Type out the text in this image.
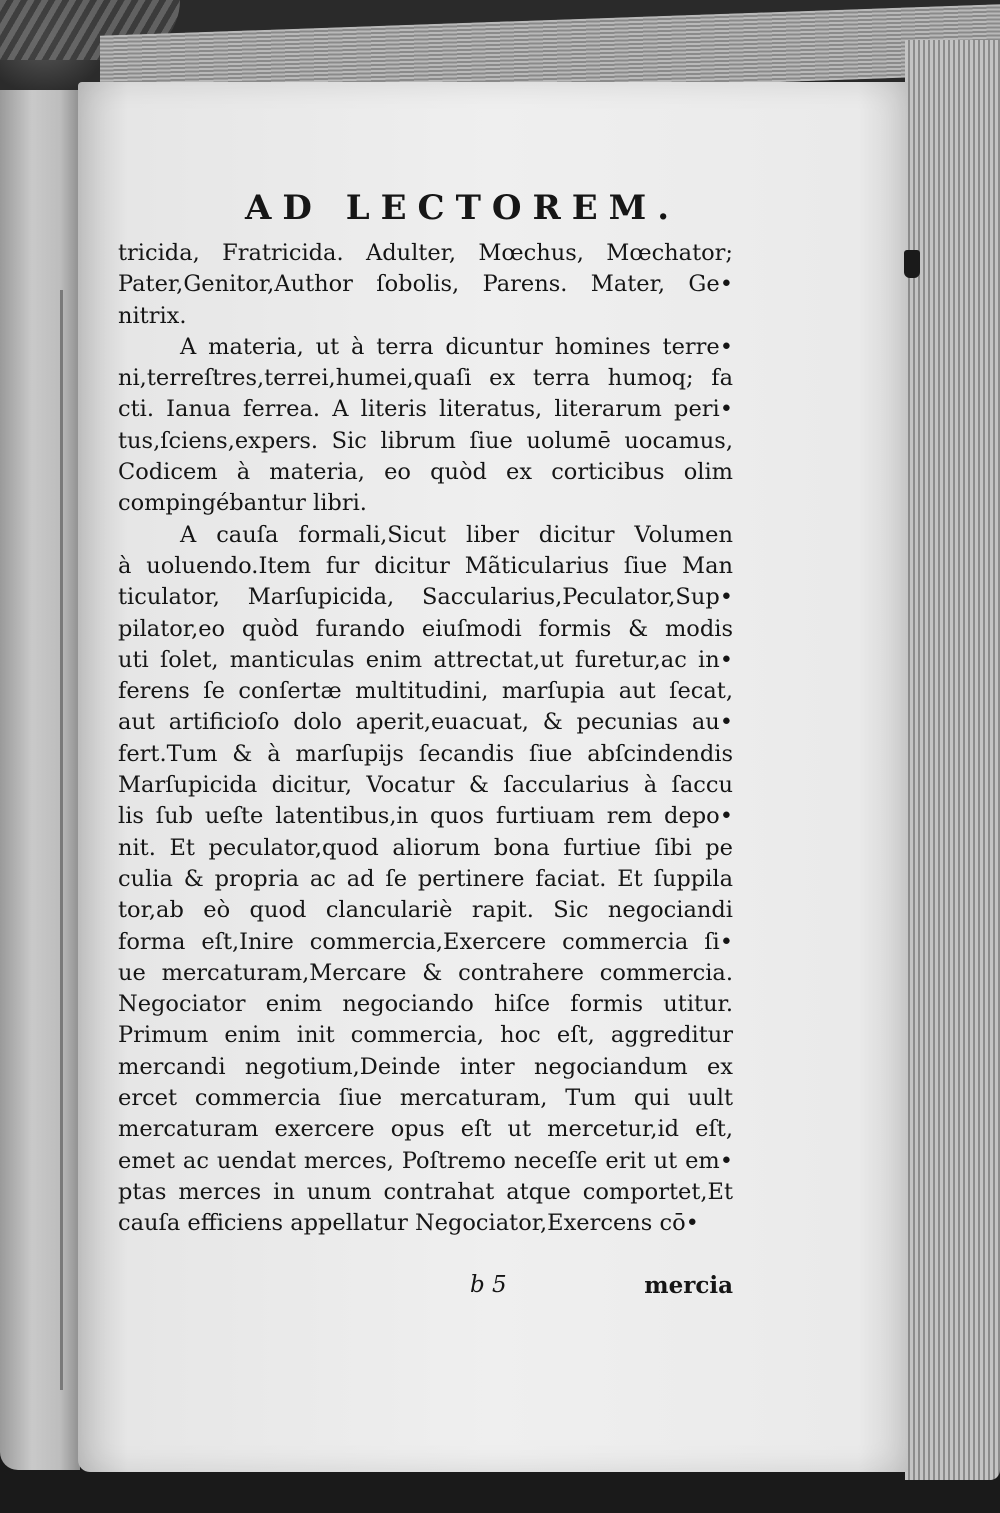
AD LECTOREM.
tricida, Fratricida. Adulter, Mœchus, Mœchator;
Pater,Genitor,Author ſobolis, Parens. Mater, Ge•
nitrix.
A materia, ut à terra dicuntur homines terre•
ni,terreſtres,terrei,humei,quaſi ex terra humoq; fa
cti. Ianua ferrea. A literis literatus, literarum peri•
tus,ſciens,expers. Sic librum ſiue uolumē uocamus,
Codicem à materia, eo quòd ex corticibus olim
compingébantur libri.
A cauſa formali,Sicut liber dicitur Volumen
à uoluendo.Item fur dicitur Mãticularius ſiue Man
ticulator, Marſupicida, Saccularius,Peculator,Sup•
pilator,eo quòd furando eiuſmodi formis & modis
uti ſolet, manticulas enim attrectat,ut furetur,ac in•
ferens ſe conſertæ multitudini, marſupia aut ſecat,
aut artificioſo dolo aperit,euacuat, & pecunias au•
fert.Tum & à marſupijs ſecandis ſiue abſcindendis
Marſupicida dicitur, Vocatur & ſaccularius à ſaccu
lis ſub ueſte latentibus,in quos furtiuam rem depo•
nit. Et peculator,quod aliorum bona furtiue ſibi pe
culia & propria ac ad ſe pertinere faciat. Et ſuppila
tor,ab eò quod clanculariè rapit. Sic negociandi
forma eſt,Inire commercia,Exercere commercia ſi•
ue mercaturam,Mercare & contrahere commercia.
Negociator enim negociando hiſce formis utitur.
Primum enim init commercia, hoc eſt, aggreditur
mercandi negotium,Deinde inter negociandum ex
ercet commercia ſiue mercaturam, Tum qui uult
mercaturam exercere opus eſt ut mercetur,id eſt,
emet ac uendat merces, Poſtremo neceſſe erit ut em•
ptas merces in unum contrahat atque comportet,Et
cauſa efficiens appellatur Negociator,Exercens cō•
b 5	mercia
